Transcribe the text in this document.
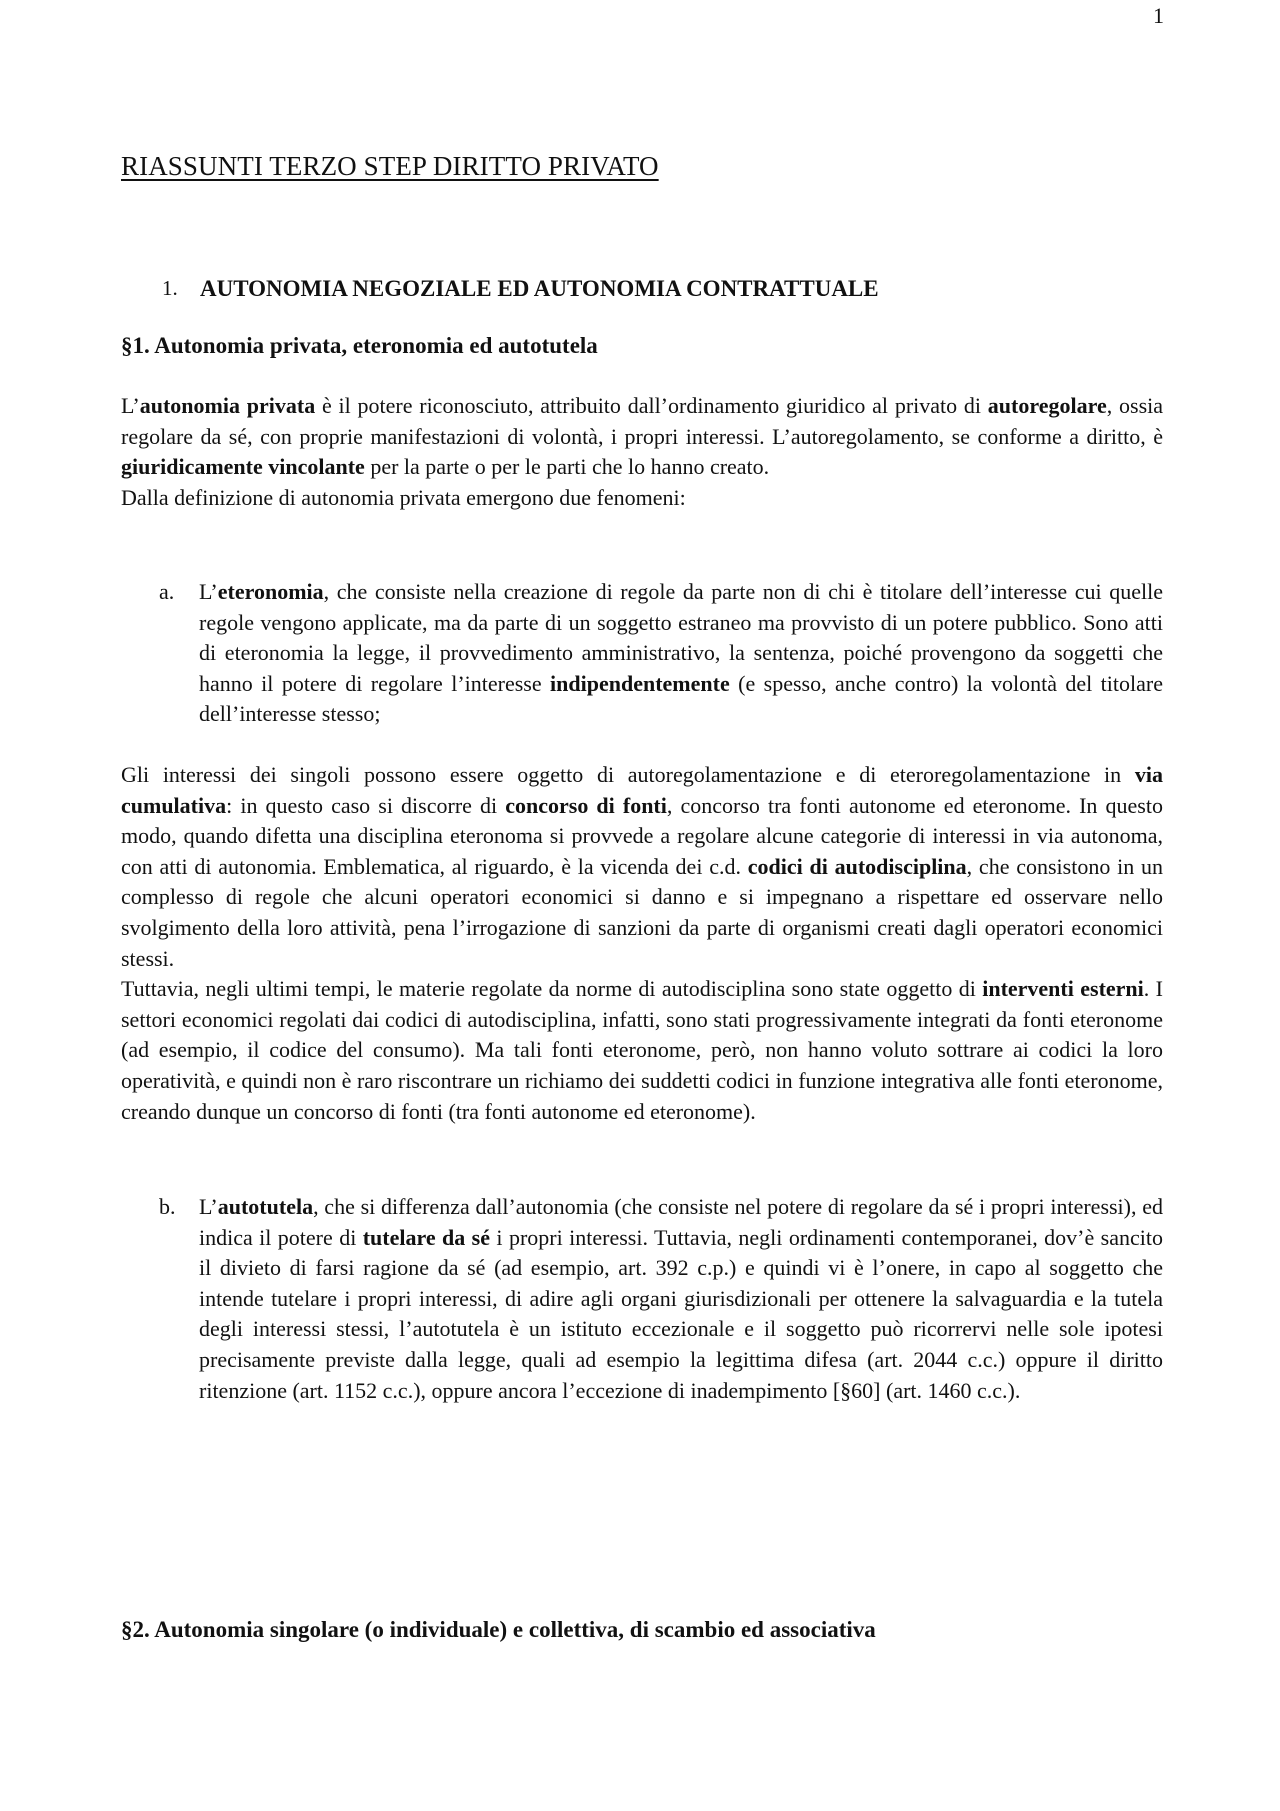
1
RIASSUNTI TERZO STEP DIRITTO PRIVATO
1. AUTONOMIA NEGOZIALE ED AUTONOMIA CONTRATTUALE
§1. Autonomia privata, eteronomia ed autotutela

L’autonomia privata è il potere riconosciuto, attribuito dall’ordinamento giuridico al privato di autoregolare, ossia regolare da sé, con proprie manifestazioni di volontà, i propri interessi. L’autoregolamento, se conforme a diritto, è giuridicamente vincolante per la parte o per le parti che lo hanno creato.

Dalla definizione di autonomia privata emergono due fenomeni:

a.	L’eteronomia, che consiste nella creazione di regole da parte non di chi è titolare dell’interesse cui quelle regole vengono applicate, ma da parte di un soggetto estraneo ma provvisto di un potere pubblico. Sono atti di eteronomia la legge, il provvedimento amministrativo, la sentenza, poiché provengono da soggetti che hanno il potere di regolare l’interesse indipendentemente (e spesso, anche contro) la volontà del titolare dell’interesse stesso;

Gli interessi dei singoli possono essere oggetto di autoregolamentazione e di eteroregolamentazione in via cumulativa: in questo caso si discorre di concorso di fonti, concorso tra fonti autonome ed eteronome. In questo modo, quando difetta una disciplina eteronoma si provvede a regolare alcune categorie di interessi in via autonoma, con atti di autonomia. Emblematica, al riguardo, è la vicenda dei c.d. codici di autodisciplina, che consistono in un complesso di regole che alcuni operatori economici si danno e si impegnano a rispettare ed osservare nello svolgimento della loro attività, pena l’irrogazione di sanzioni da parte di organismi creati dagli operatori economici stessi.

Tuttavia, negli ultimi tempi, le materie regolate da norme di autodisciplina sono state oggetto di interventi esterni. I settori economici regolati dai codici di autodisciplina, infatti, sono stati progressivamente integrati da fonti eteronome (ad esempio, il codice del consumo). Ma tali fonti eteronome, però, non hanno voluto sottrare ai codici la loro operatività, e quindi non è raro riscontrare un richiamo dei suddetti codici in funzione integrativa alle fonti eteronome, creando dunque un concorso di fonti (tra fonti autonome ed eteronome).

b.	L’autotutela, che si differenza dall’autonomia (che consiste nel potere di regolare da sé i propri interessi), ed indica il potere di tutelare da sé i propri interessi. Tuttavia, negli ordinamenti contemporanei, dov’è sancito il divieto di farsi ragione da sé (ad esempio, art. 392 c.p.) e quindi vi è l’onere, in capo al soggetto che intende tutelare i propri interessi, di adire agli organi giurisdizionali per ottenere la salvaguardia e la tutela degli interessi stessi, l’autotutela è un istituto eccezionale e il soggetto può ricorrervi nelle sole ipotesi precisamente previste dalla legge, quali ad esempio la legittima difesa (art. 2044 c.c.) oppure il diritto ritenzione (art. 1152 c.c.), oppure ancora l’eccezione di inadempimento [§60] (art. 1460 c.c.).
§2. Autonomia singolare (o individuale) e collettiva, di scambio ed associativa
